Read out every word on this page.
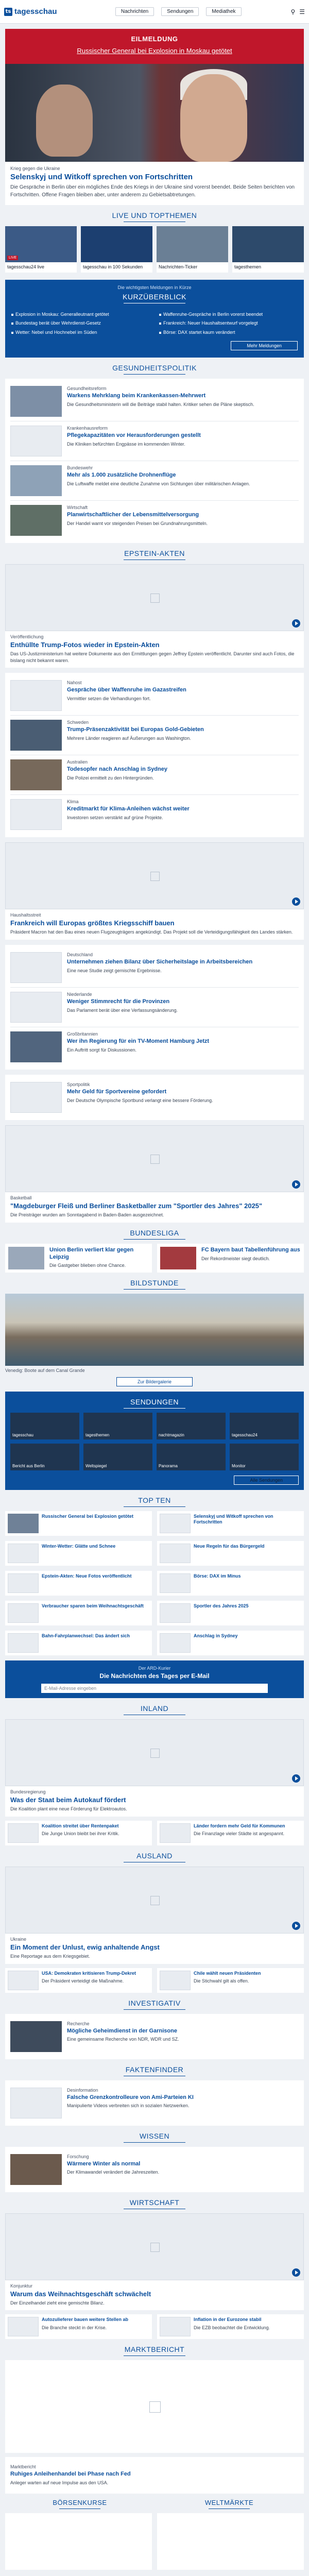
ts tagesschau	Nachrichten	Sendungen	Mediathek	⚲ ☰
EILMELDUNG
Russischer General bei Explosion in Moskau getötet
Krieg gegen die Ukraine
Selenskyj und Witkoff sprechen von Fortschritten
Die Gespräche in Berlin über ein mögliches Ende des Kriegs in der Ukraine sind vorerst beendet. Beide Seiten berichten von Fortschritten. Offene Fragen bleiben aber, unter anderem zu Gebietsabtretungen.
LIVE UND TOPTHEMEN
LIVE

tagesschau24 live	tagesschau in 100 Sekunden	Nachrichten-Ticker	tagesthemen

Die wichtigsten Meldungen in Kürze
KURZÜBERBLICK
Explosion in Moskau: Generalleutnant getötet	Waffenruhe-Gespräche in Berlin vorerst beendet
Bundestag berät über Wehrdienst-Gesetz	Frankreich: Neuer Haushaltsentwurf vorgelegt
Wetter: Nebel und Hochnebel im Süden	Börse: DAX startet kaum verändert
Mehr Meldungen
GESUNDHEITSPOLITIK
Gesundheitsreform
Warkens Mehrklang beim Krankenkassen-Mehrwert
Die Gesundheitsministerin will die Beiträge stabil halten. Kritiker sehen die Pläne skeptisch.
Krankenhausreform
Pflegekapazitäten vor Herausforderungen gestellt
Die Kliniken befürchten Engpässe im kommenden Winter.
Bundeswehr
Mehr als 1.000 zusätzliche Drohnenflüge
Die Luftwaffe meldet eine deutliche Zunahme von Sichtungen über militärischen Anlagen.
Wirtschaft
Planwirtschaftlicher der Lebensmittelversorgung
Der Handel warnt vor steigenden Preisen bei Grundnahrungsmitteln.
EPSTEIN-AKTEN
Veröffentlichung
Enthüllte Trump-Fotos wieder in Epstein-Akten
Das US-Justizministerium hat weitere Dokumente aus den Ermittlungen gegen Jeffrey Epstein veröffentlicht. Darunter sind auch Fotos, die bislang nicht bekannt waren.
Nahost
Gespräche über Waffenruhe im Gazastreifen
Vermittler setzen die Verhandlungen fort.
Schweden
Trump-Präsenzaktivität bei Europas Gold-Gebieten
Mehrere Länder reagieren auf Äußerungen aus Washington.
Australien
Todesopfer nach Anschlag in Sydney
Die Polizei ermittelt zu den Hintergründen.
Klima
Kreditmarkt für Klima-Anleihen wächst weiter
Investoren setzen verstärkt auf grüne Projekte.
Haushaltsstreit
Frankreich will Europas größtes Kriegsschiff bauen
Präsident Macron hat den Bau eines neuen Flugzeugträgers angekündigt. Das Projekt soll die Verteidigungsfähigkeit des Landes stärken.
Deutschland
Unternehmen ziehen Bilanz über Sicherheitslage in Arbeitsbereichen
Eine neue Studie zeigt gemischte Ergebnisse.
Niederlande
Weniger Stimmrecht für die Provinzen
Das Parlament berät über eine Verfassungsänderung.
Großbritannien
Wer ihn Regierung für ein TV-Moment Hamburg Jetzt
Ein Auftritt sorgt für Diskussionen.
Sportpolitik
Mehr Geld für Sportvereine gefordert
Der Deutsche Olympische Sportbund verlangt eine bessere Förderung.
Basketball
"Magdeburger Fleiß und Berliner Basketballer zum "Sportler des Jahres" 2025"
Die Preisträger wurden am Sonntagabend in Baden-Baden ausgezeichnet.
BUNDESLIGA
Union Berlin verliert klar gegen Leipzig
Die Gastgeber blieben ohne Chance.
FC Bayern baut Tabellenführung aus
Der Rekordmeister siegt deutlich.
BILDSTUNDE
Venedig: Boote auf dem Canal Grande
Zur Bildergalerie
SENDUNGEN
tagesschau	tagesthemen	nachtmagazin	tagesschau24
Bericht aus Berlin	Weltspiegel	Panorama	Monitor
Alle Sendungen
TOP TEN
Russischer General bei Explosion getötet	Selenskyj und Witkoff sprechen von Fortschritten
Winter-Wetter: Glätte und Schnee	Neue Regeln für das Bürgergeld
Epstein-Akten: Neue Fotos veröffentlicht	Börse: DAX im Minus
Verbraucher sparen beim Weihnachtsgeschäft	Sportler des Jahres 2025
Bahn-Fahrplanwechsel: Das ändert sich	Anschlag in Sydney
Der ARD-Kurier
Die Nachrichten des Tages per E-Mail
E-Mail-Adresse eingeben
INLAND
Bundesregierung
Was der Staat beim Autokauf fördert
Die Koalition plant eine neue Förderung für Elektroautos.
Koalition streitet über Rentenpaket
Die Junge Union bleibt bei ihrer Kritik.
Länder fordern mehr Geld für Kommunen
Die Finanzlage vieler Städte ist angespannt.
AUSLAND
Ukraine
Ein Moment der Unlust, ewig anhaltende Angst
Eine Reportage aus dem Kriegsgebiet.
USA: Demokraten kritisieren Trump-Dekret
Der Präsident verteidigt die Maßnahme.
Chile wählt neuen Präsidenten
Die Stichwahl gilt als offen.
INVESTIGATIV
Recherche
Mögliche Geheimdienst in der Garnisone
Eine gemeinsame Recherche von NDR, WDR und SZ.
FAKTENFINDER
Desinformation
Falsche Grenzkontrolleure von Ami-Parteien KI
Manipulierte Videos verbreiten sich in sozialen Netzwerken.
WISSEN
Forschung
Wärmere Winter als normal
Der Klimawandel verändert die Jahreszeiten.
WIRTSCHAFT
Konjunktur
Warum das Weihnachtsgeschäft schwächelt
Der Einzelhandel zieht eine gemischte Bilanz.
Autozulieferer bauen weitere Stellen ab
Die Branche steckt in der Krise.
Inflation in der Eurozone stabil
Die EZB beobachtet die Entwicklung.
MARKTBERICHT
Marktbericht
Ruhiges Anleihenhandel bei Phase nach Fed
Anleger warten auf neue Impulse aus den USA.
BÖRSENKURSE	WELTMÄRKTE
